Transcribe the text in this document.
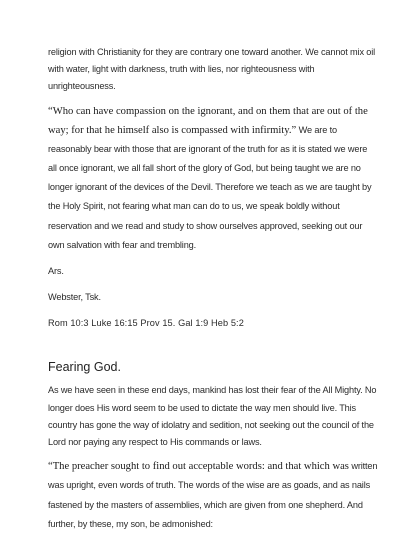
religion with Christianity for they are contrary one toward another. We cannot mix oil with water, light with darkness, truth with lies, nor righteousness with unrighteousness.

“Who can have compassion on the ignorant, and on them that are out of the way; for that he himself also is compassed with infirmity.” We are to reasonably bear with those that are ignorant of the truth for as it is stated we were all once ignorant, we all fall short of the glory of God, but being taught we are no longer ignorant of the devices of the Devil. Therefore we teach as we are taught by the Holy Spirit, not fearing what man can do to us, we speak boldly without reservation and we read and study to show ourselves approved, seeking out our own salvation with fear and trembling.

Ars.

Webster, Tsk.

Rom 10:3 Luke 16:15 Prov 15. Gal 1:9 Heb 5:2

Fearing God.

As we have seen in these end days, mankind has lost their fear of the All Mighty. No longer does His word seem to be used to dictate the way men should live. This country has gone the way of idolatry and sedition, not seeking out the council of the Lord nor paying any respect to His commands or laws.

“The preacher sought to find out acceptable words: and that which was written was upright, even words of truth. The words of the wise are as goads, and as nails fastened by the masters of assemblies, which are given from one shepherd. And further, by these, my son, be admonished:
